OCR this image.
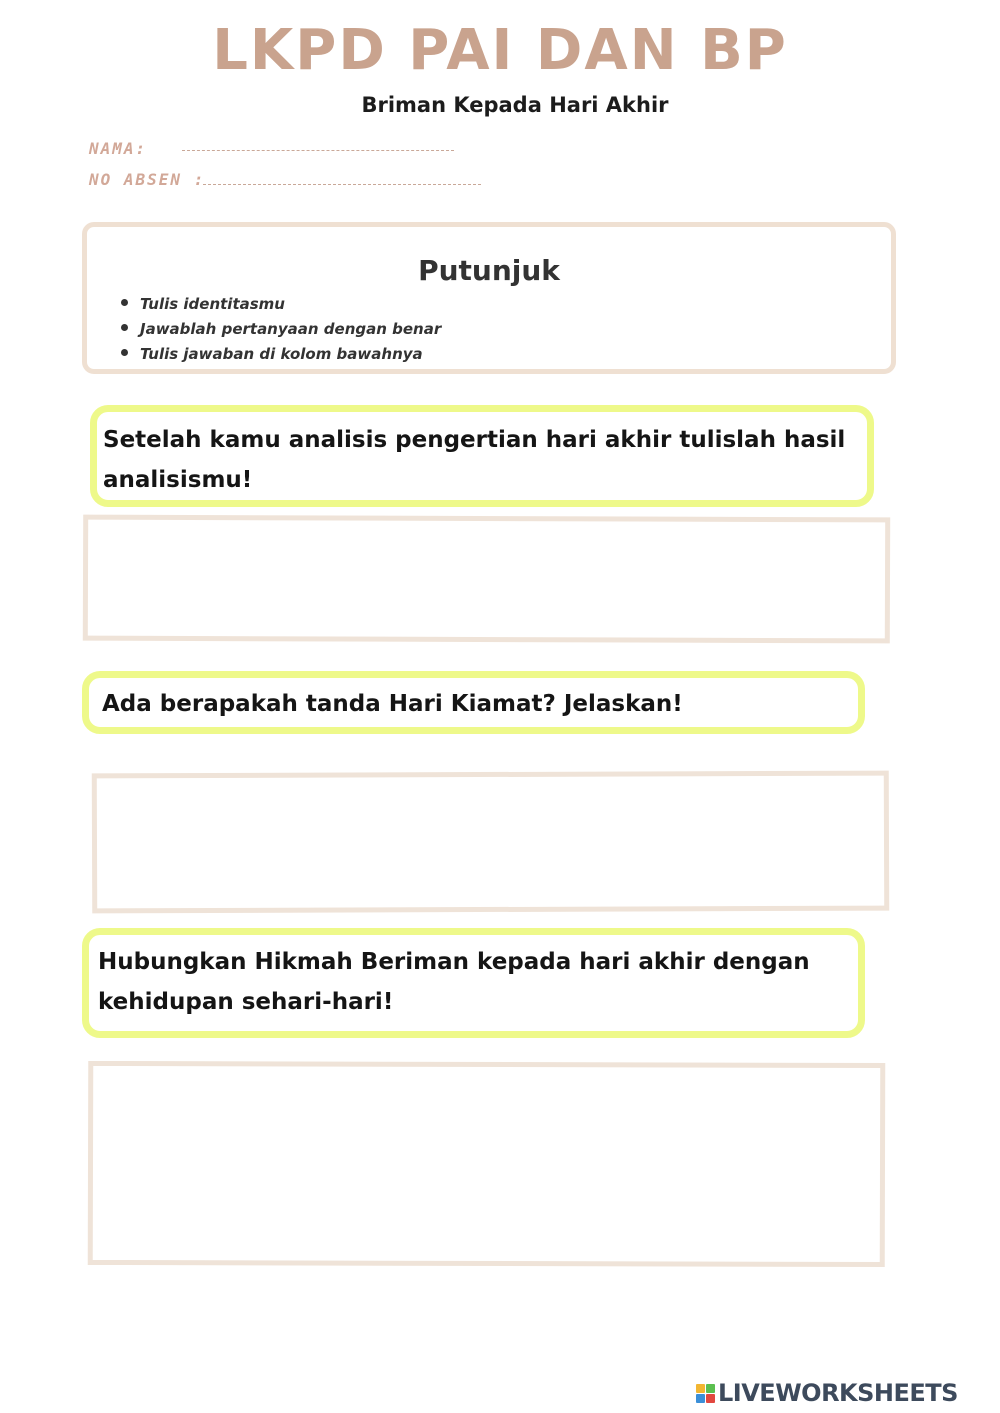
LKPD PAI DAN BP
Briman Kepada Hari Akhir
NAMA:
NO ABSEN :
Putunjuk
Tulis identitasmu
Jawablah pertanyaan dengan benar
Tulis jawaban di kolom bawahnya
Setelah kamu analisis pengertian hari akhir tulislah hasil analisismu!
Ada berapakah tanda Hari Kiamat? Jelaskan!
Hubungkan Hikmah Beriman kepada hari akhir dengan kehidupan sehari-hari!
LIVEWORKSHEETS
